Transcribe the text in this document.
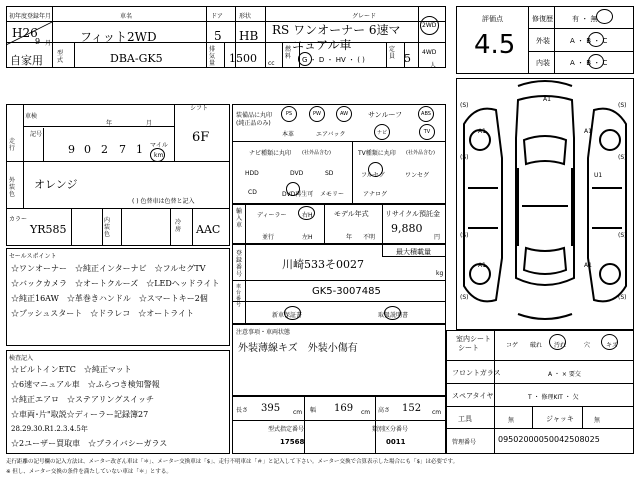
初年度登録年月
H26
9 月
車名
フィット2WD
ドア
5
形状
HB
グレード
RS ワンオーナー 6速マ
ニュアル車
2WD
4WD
自家用
型式	DBA-GK5
排気量 1500 cc
燃料 G ・ D ・ HV ・ ( )
定員 5
人
車検
年	月
シフト
6F
走行
記号
9 0 2 7 1 マイル
km
外装色
オレンジ
( ) 色替車は色替と記入
カラー
YR585
内装色
冷房 AAC
装備品に丸印
(純正品のみ)
PS	PW	AW	サンルーフ	ABS
本革	エアバック	ナビ	TV
ナビ種類に丸印 (社外品含む)
HDD	DVD	SD
CD	DVD再生可 メモリー
TV種類に丸印 (社外品含む)
フルセグ	ワンセグ
アナログ
輸入車
ディーラー
並行
右H
左H
モデル年式
年 不明
リサイクル預託金
9,880
円
登録番号
川崎533そ0027
最大積載量
kg
車台番号
GK5-3007485
新車保証書	取扱説明書
注意事項・車両状態
外装薄線キズ　外装小傷有
セールスポイント
☆ワンオーナー　☆純正インターナビ　☆フルセグTV
☆バックカメラ　☆オートクルーズ　☆LEDヘッドライト
☆純正16AW　☆革巻きハンドル　☆スマートキー2個
☆プッシュスタート　☆ドラレコ　☆オートライト
検査記入
☆ビルトインETC　☆純正マット
☆6速マニュアル車　☆ふらつき検知警報
☆純正エアロ　☆ステアリングスイッチ
☆車両･片"取説☆ディーラー記録簿27
28.29.30.R1.2.3.4.5年
☆2ユーザー買取車　☆プライバシーガラス
長さ 395 cm 幅 169 cm 高さ 152 cm
型式指定番号
17568
類別区分番号
0011
評価点
4.5
修復歴	有 ・ 無
外装	A ・ B ・ C
内装	A ・ B ・ C
A1	A1
A1
A1	A1
U1
(S)	(S)
(S)	(S)
(S)	(S)
(S)	(S)
室内シート
シート	コゲ 破れ 汚れ	穴	キズ
フロントガラス	A ・ × 要交
スペアタイヤ	T ・ 修理KIT ・ 欠
工具	無	ジャッキ	無
管理番号	09502000050042508025
走行距離の記号欄の記入方法は、メーター改ざん車は「＊」、メーター交換車は「$」、走行不明車は「＃」と記入して下さい。メーター交換で合算表示した場合にも「$」は必要です。
※ 但し、メーター交換の条件を満たしていない車は「＊」とする。
